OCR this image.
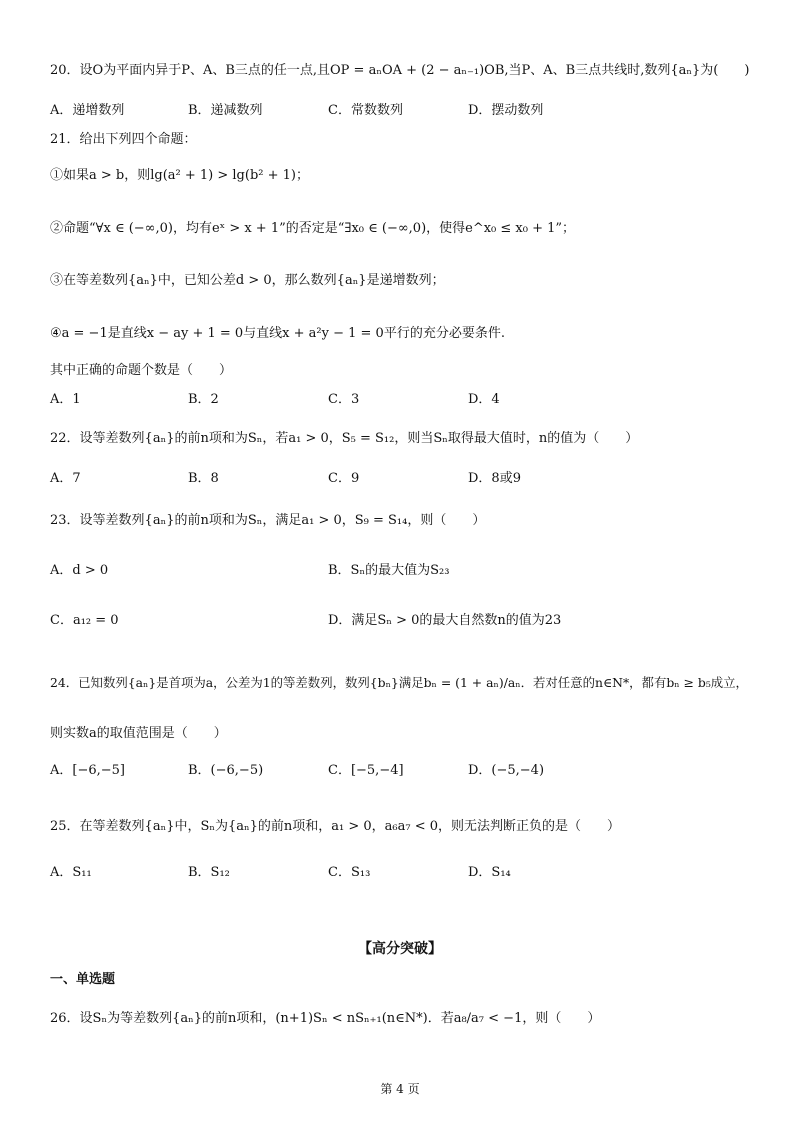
20．设O为平面内异于P、A、B三点的任一点,且OP = aₙOA + (2 − aₙ₋₁)OB,当P、A、B三点共线时,数列{aₙ}为(　　)
A．递增数列	B．递减数列	C．常数数列	D．摆动数列
21．给出下列四个命题：
①如果a > b，则lg(a² + 1) > lg(b² + 1)；
②命题“∀x ∈ (−∞,0)，均有eˣ > x + 1”的否定是“∃x₀ ∈ (−∞,0)，使得e^x₀ ≤ x₀ + 1”；
③在等差数列{aₙ}中，已知公差d > 0，那么数列{aₙ}是递增数列；
④a = −1是直线x − ay + 1 = 0与直线x + a²y − 1 = 0平行的充分必要条件.
其中正确的命题个数是（　　）
A．1	B．2	C．3	D．4
22．设等差数列{aₙ}的前n项和为Sₙ，若a₁ > 0，S₅ = S₁₂，则当Sₙ取得最大值时，n的值为（　　）
A．7	B．8	C．9	D．8或9
23．设等差数列{aₙ}的前n项和为Sₙ，满足a₁ > 0，S₉ = S₁₄，则（　　）
A．d > 0	B．Sₙ的最大值为S₂₃
C．a₁₂ = 0	D．满足Sₙ > 0的最大自然数n的值为23
24．已知数列{aₙ}是首项为a，公差为1的等差数列，数列{bₙ}满足bₙ = (1 + aₙ)/aₙ．若对任意的n∈N*，都有bₙ ≥ b₅成立，
则实数a的取值范围是（　　）
A．[−6,−5]	B．(−6,−5)	C．[−5,−4]	D．(−5,−4)
25．在等差数列{aₙ}中，Sₙ为{aₙ}的前n项和，a₁ > 0，a₆a₇ < 0，则无法判断正负的是（　　）
A．S₁₁	B．S₁₂	C．S₁₃	D．S₁₄
【高分突破】
一、单选题
26．设Sₙ为等差数列{aₙ}的前n项和，(n+1)Sₙ < nSₙ₊₁(n∈N*)．若a₈/a₇ < −1，则（　　）
第 4 页
